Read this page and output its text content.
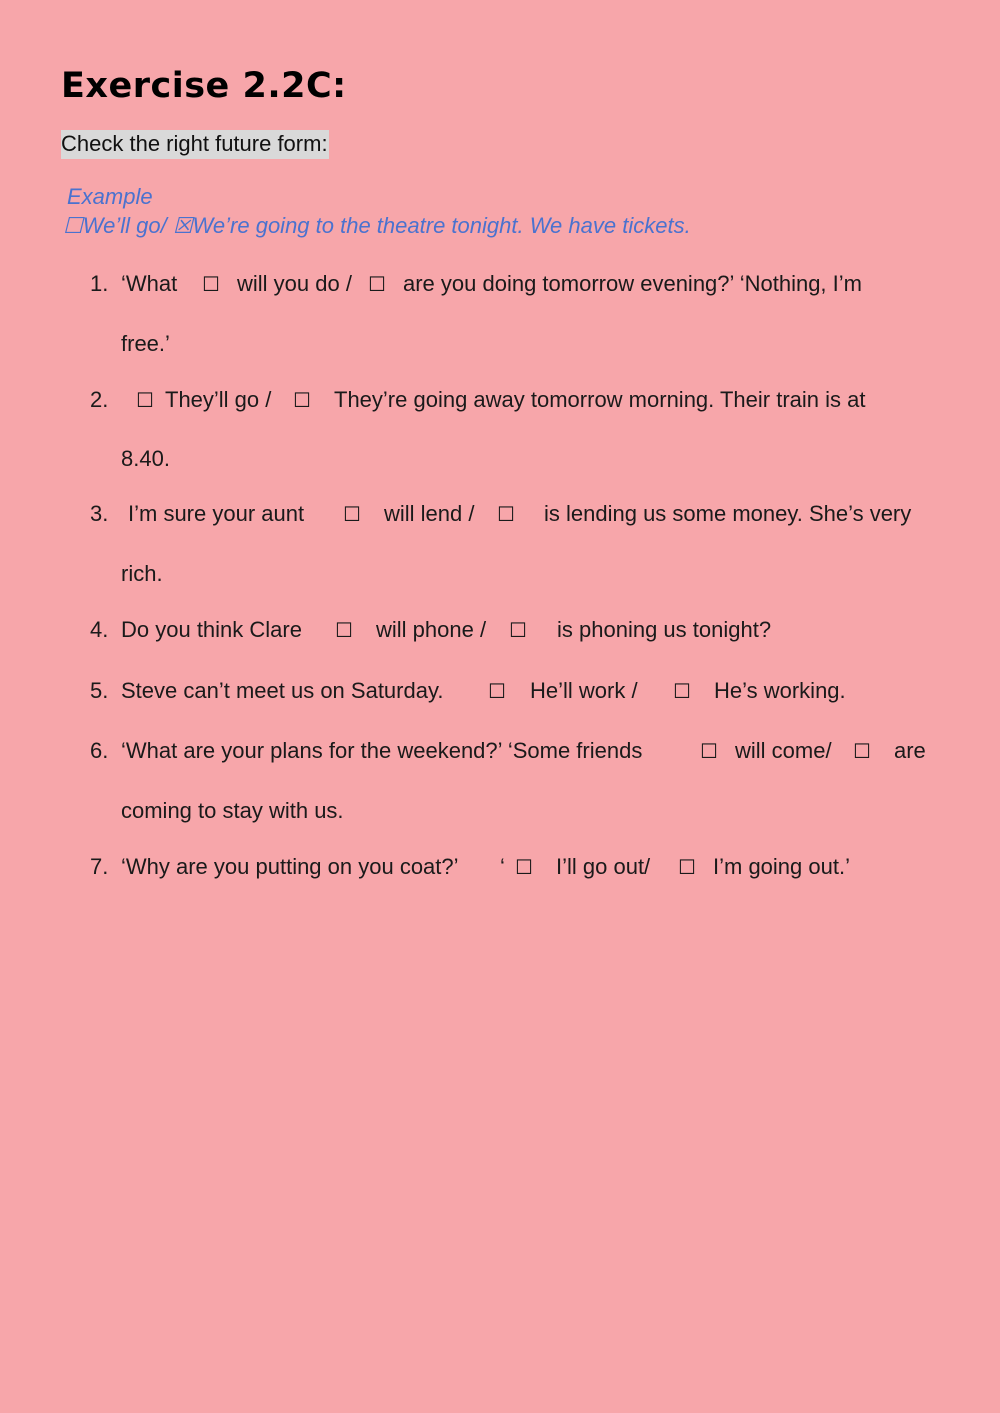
Exercise 2.2C:
Check the right future form:
Example
☐We’ll go/ ☒We’re going to the theatre tonight. We have tickets.
1. ‘What ☐ will you do / ☐ are you doing tomorrow evening?’ ‘Nothing, I’m
free.’
2. ☐ They’ll go / ☐ They’re going away tomorrow morning. Their train is at
8.40.
3. I’m sure your aunt ☐ will lend / ☐ is lending us some money. She’s very
rich.
4. Do you think Clare ☐ will phone / ☐ is phoning us tonight?
5. Steve can’t meet us on Saturday. ☐ He’ll work / ☐ He’s working.
6. ‘What are your plans for the weekend?’ ‘Some friends	☐ will come/ ☐ are
coming to stay with us.
7. ‘Why are you putting on you coat?’ ‘ ☐ I’ll go out/ ☐ I’m going out.’
